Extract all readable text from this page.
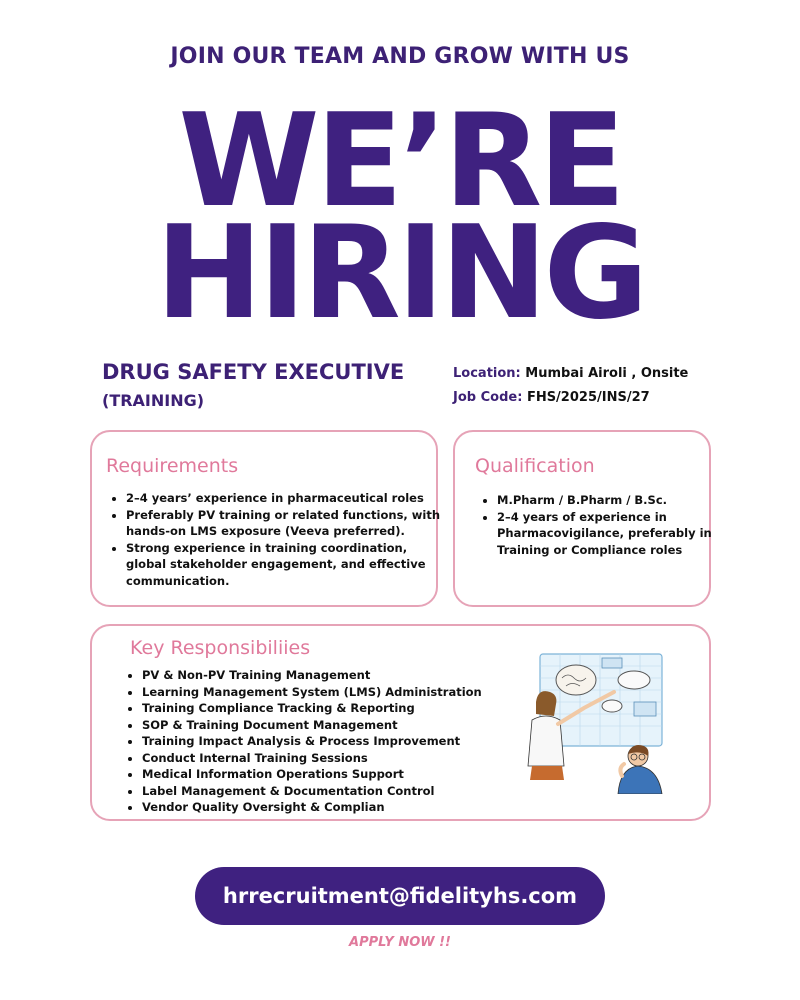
JOIN OUR TEAM AND GROW WITH US
WE’RE
HIRING
DRUG SAFETY EXECUTIVE
(TRAINING)
Location: Mumbai Airoli , Onsite
Job Code: FHS/2025/INS/27
Requirements
• 2–4 years’ experience in pharmaceutical roles
• Preferably PV training or related functions, with hands-on LMS exposure (Veeva preferred).
• Strong experience in training coordination, global stakeholder engagement, and effective communication.
Qualification
• M.Pharm / B.Pharm / B.Sc.
• 2–4 years of experience in Pharmacovigilance, preferably in Training or Compliance roles
Key Responsibiliies
• PV & Non-PV Training Management
• Learning Management System (LMS) Administration
• Training Compliance Tracking & Reporting
• SOP & Training Document Management
• Training Impact Analysis & Process Improvement
• Conduct Internal Training Sessions
• Medical Information Operations Support
• Label Management & Documentation Control
• Vendor Quality Oversight & Complian
hrrecruitment@fidelityhs.com
APPLY NOW !!
